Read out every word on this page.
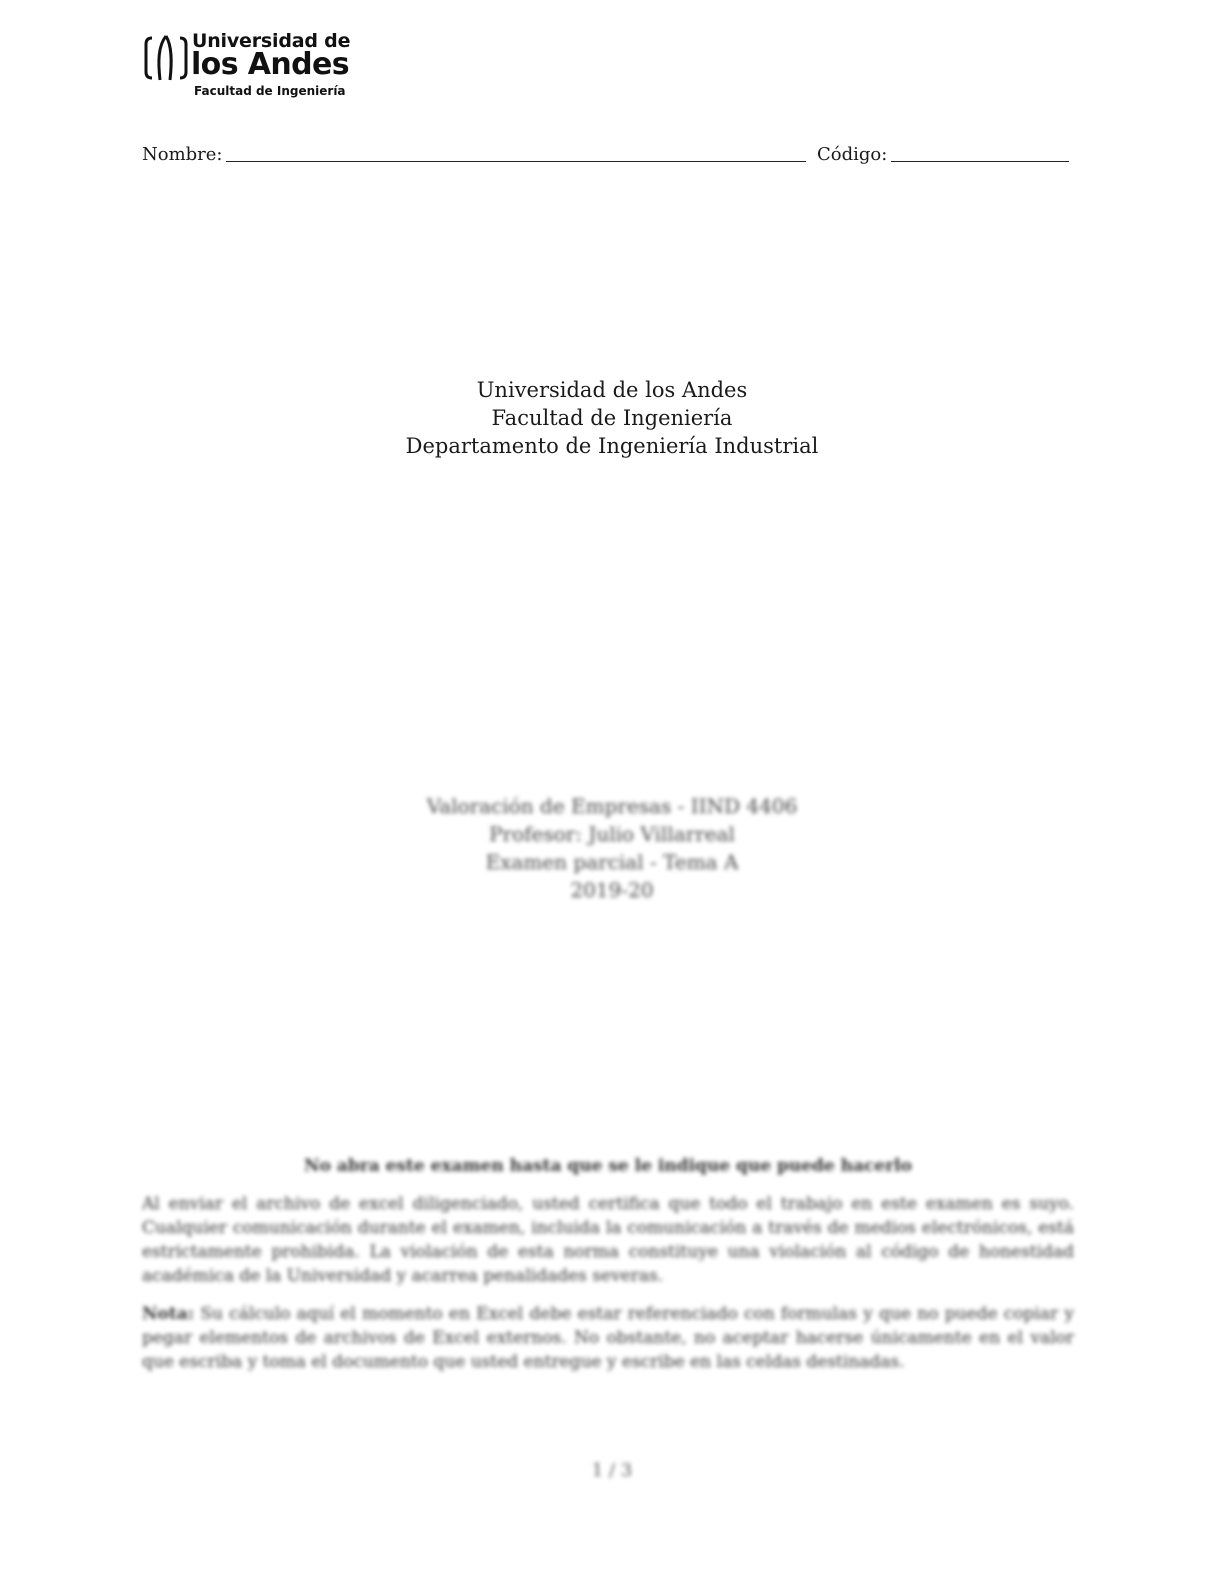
Universidad de
los Andes
Facultad de Ingeniería
Nombre:	Código:
Universidad de los Andes
Facultad de Ingeniería
Departamento de Ingeniería Industrial
Valoración de Empresas - IIND 4406
Profesor: Julio Villarreal
Examen parcial - Tema A
2019-20
No abra este examen hasta que se le indique que puede hacerlo

Al enviar el archivo de excel diligenciado, usted certifica que todo el trabajo en este examen es suyo. Cualquier comunicación durante el examen, incluida la comunicación a través de medios electrónicos, está estrictamente prohibida. La violación de esta norma constituye una violación al código de honestidad académica de la Universidad y acarrea penalidades severas.

Nota: Su cálculo aquí el momento en Excel debe estar referenciado con formulas y que no puede copiar y pegar elementos de archivos de Excel externos. No obstante, no aceptar hacerse únicamente en el valor que escriba y toma el documento que usted entregue y escribe en las celdas destinadas.

1 / 3
